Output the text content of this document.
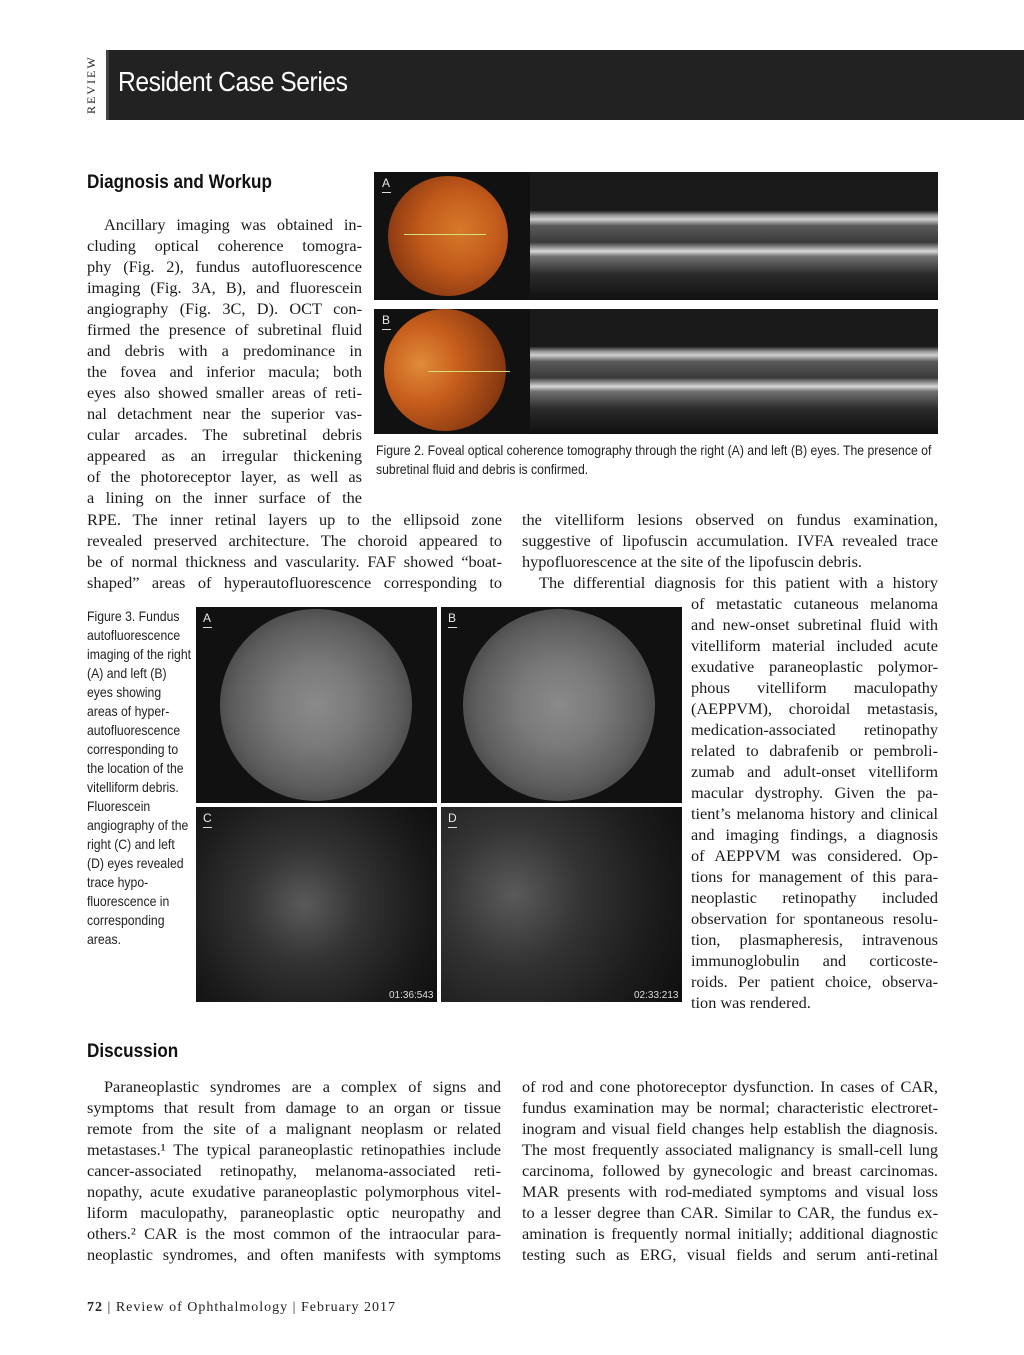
REVIEW Resident Case Series
Diagnosis and Workup
Ancillary imaging was obtained in-
cluding optical coherence tomogra-
phy (Fig. 2), fundus autofluorescence
imaging (Fig. 3A, B), and fluorescein
angiography (Fig. 3C, D). OCT con-
firmed the presence of subretinal fluid
and debris with a predominance in
the fovea and inferior macula; both
eyes also showed smaller areas of reti-
nal detachment near the superior vas-
cular arcades. The subretinal debris
appeared as an irregular thickening
of the photoreceptor layer, as well as
a lining on the inner surface of the
RPE. The inner retinal layers up to the ellipsoid zone
revealed preserved architecture. The choroid appeared to
be of normal thickness and vascularity. FAF showed “boat-
shaped” areas of hyperautofluorescence corresponding to
A
B
Figure 2. Foveal optical coherence tomography through the right (A) and left (B) eyes. The presence of subretinal fluid and debris is confirmed.
the vitelliform lesions observed on fundus examination,
suggestive of lipofuscin accumulation. IVFA revealed trace
hypofluorescence at the site of the lipofuscin debris.
The differential diagnosis for this patient with a history
Figure 3. Fundus autofluorescence imaging of the right (A) and left (B) eyes showing areas of hyper-autofluorescence corresponding to the location of the vitelliform debris. Fluorescein angiography of the right (C) and left (D) eyes revealed trace hypo-fluorescence in corresponding areas.
A	B
C
01:36:543
D
02:33:213
of metastatic cutaneous melanoma
and new-onset subretinal fluid with
vitelliform material included acute
exudative paraneoplastic polymor-
phous vitelliform maculopathy
(AEPPVM), choroidal metastasis,
medication-associated retinopathy
related to dabrafenib or pembroli-
zumab and adult-onset vitelliform
macular dystrophy. Given the pa-
tient’s melanoma history and clinical
and imaging findings, a diagnosis
of AEPPVM was considered. Op-
tions for management of this para-
neoplastic retinopathy included
observation for spontaneous resolu-
tion, plasmapheresis, intravenous
immunoglobulin and corticoste-
roids. Per patient choice, observa-
tion was rendered.
Discussion
Paraneoplastic syndromes are a complex of signs and
symptoms that result from damage to an organ or tissue
remote from the site of a malignant neoplasm or related
metastases.¹ The typical paraneoplastic retinopathies include
cancer-associated retinopathy, melanoma-associated reti-
nopathy, acute exudative paraneoplastic polymorphous vitel-
liform maculopathy, paraneoplastic optic neuropathy and
others.² CAR is the most common of the intraocular para-
neoplastic syndromes, and often manifests with symptoms
of rod and cone photoreceptor dysfunction. In cases of CAR,
fundus examination may be normal; characteristic electroret-
inogram and visual field changes help establish the diagnosis.
The most frequently associated malignancy is small-cell lung
carcinoma, followed by gynecologic and breast carcinomas.
MAR presents with rod-mediated symptoms and visual loss
to a lesser degree than CAR. Similar to CAR, the fundus ex-
amination is frequently normal initially; additional diagnostic
testing such as ERG, visual fields and serum anti-retinal
72 | Review of Ophthalmology | February 2017
